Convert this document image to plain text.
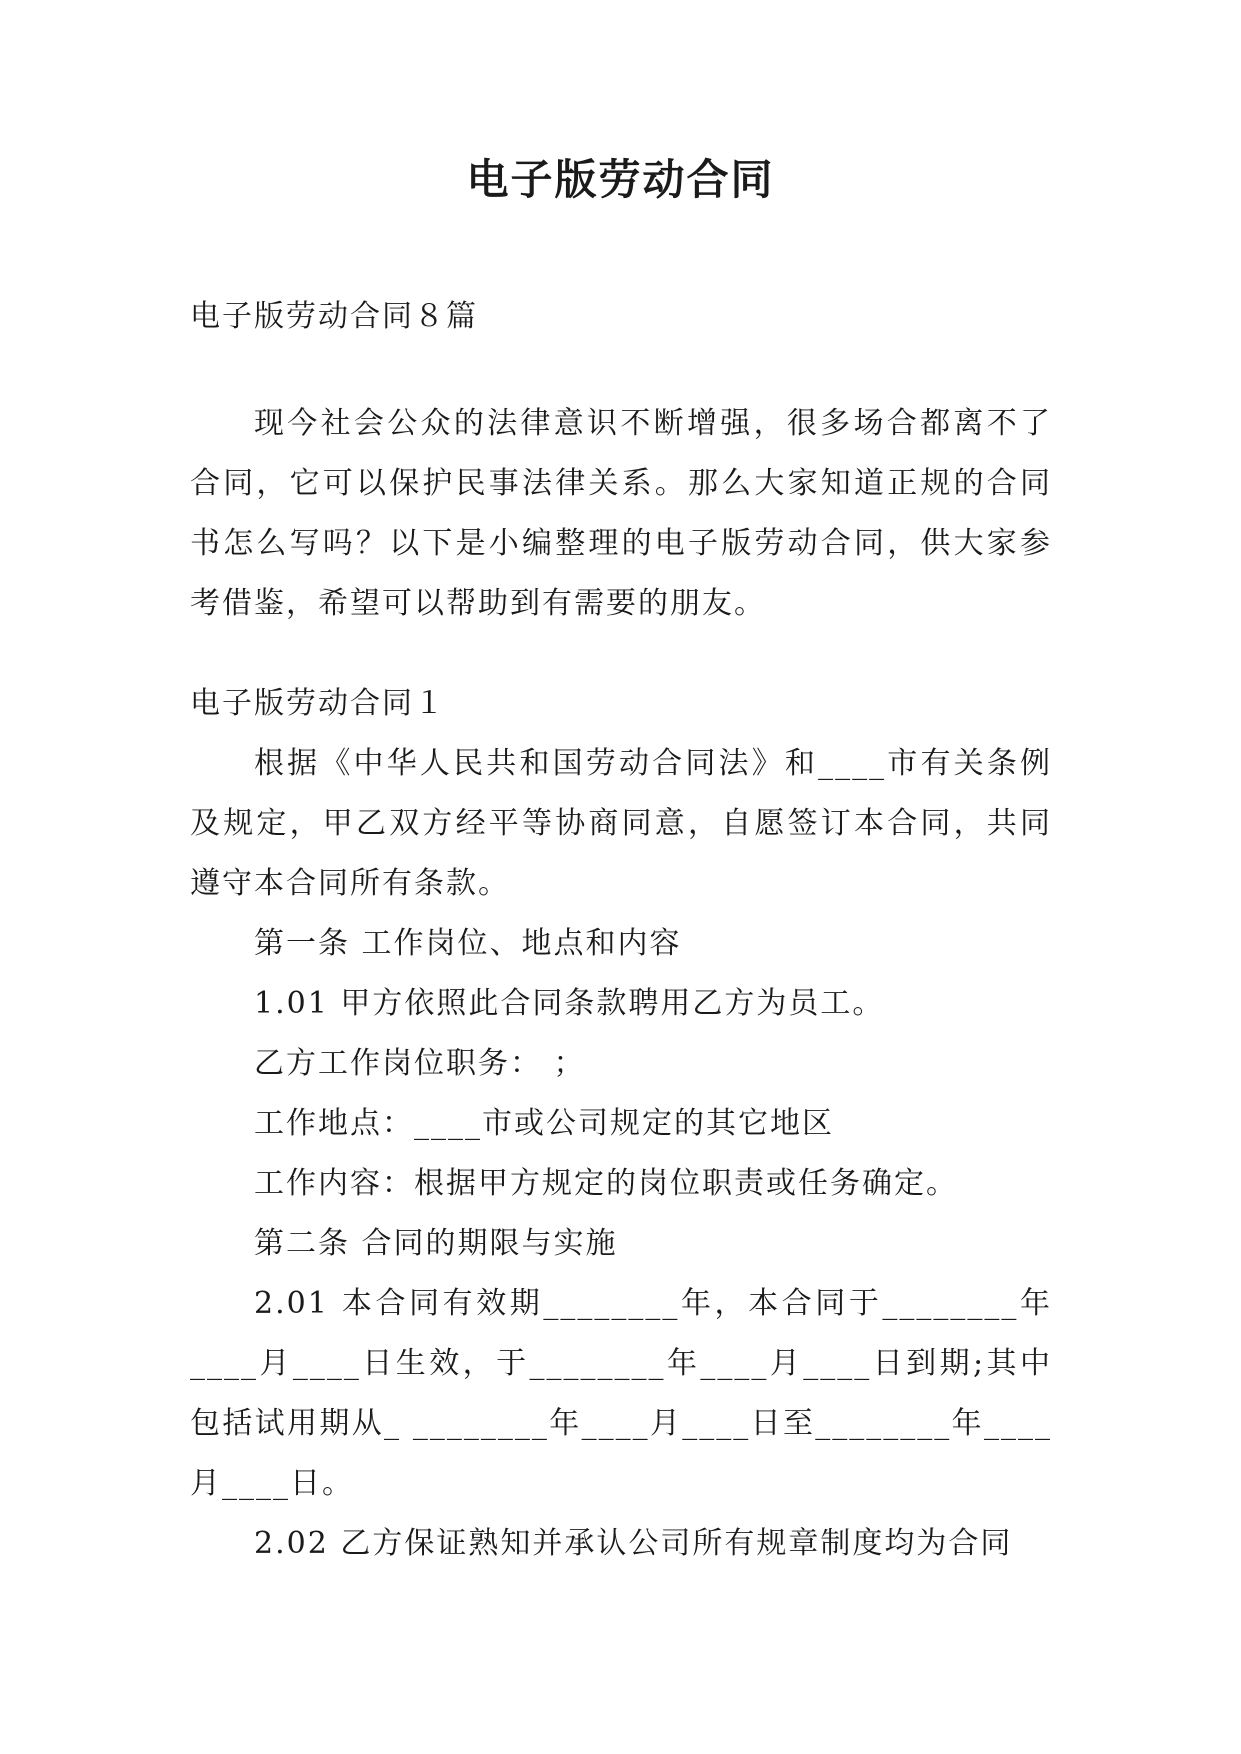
电子版劳动合同

电子版劳动合同８篇

现今社会公众的法律意识不断增强，很多场合都离不了合同，它可以保护民事法律关系。那么大家知道正规的合同书怎么写吗？以下是小编整理的电子版劳动合同，供大家参考借鉴，希望可以帮助到有需要的朋友。

电子版劳动合同１

根据《中华人民共和国劳动合同法》和____市有关条例及规定，甲乙双方经平等协商同意，自愿签订本合同，共同遵守本合同所有条款。

第一条 工作岗位、地点和内容

1.01 甲方依照此合同条款聘用乙方为员工。

乙方工作岗位职务： ；

工作地点：____市或公司规定的其它地区

工作内容：根据甲方规定的岗位职责或任务确定。

第二条 合同的期限与实施

2.01 本合同有效期________年，本合同于________年____月____日生效，于________年____月____日到期;其中包括试用期从_ ________年____月____日至________年____月____日。

2.02 乙方保证熟知并承认公司所有规章制度均为合同
